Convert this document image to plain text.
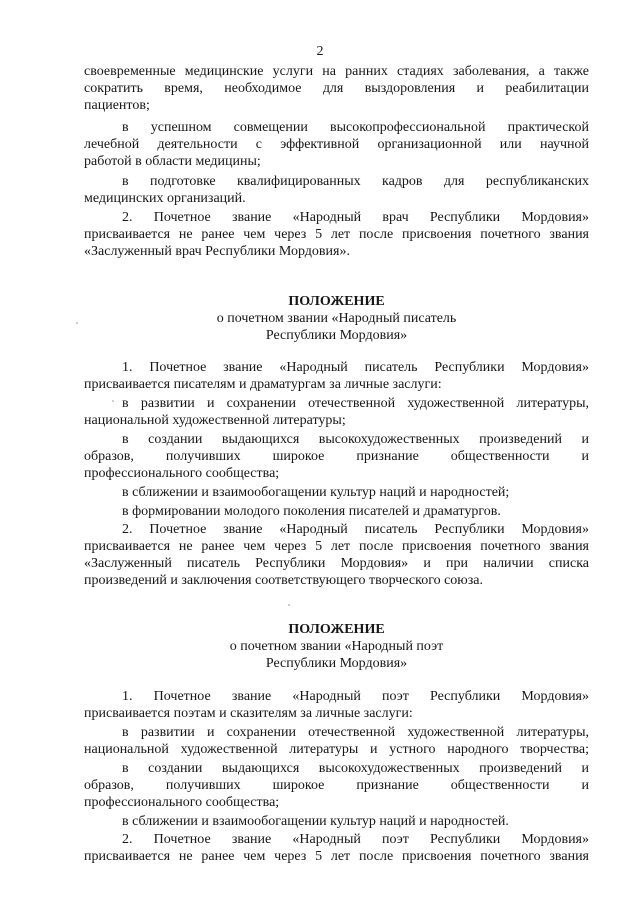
2
своевременные медицинские услуги на ранних стадиях заболевания, а также
сократить время, необходимое для выздоровления и реабилитации
пациентов;
в успешном совмещении высокопрофессиональной практической
лечебной деятельности с эффективной организационной или научной
работой в области медицины;
в подготовке квалифицированных кадров для республиканских
медицинских организаций.
2. Почетное звание «Народный врач Республики Мордовия»
присваивается не ранее чем через 5 лет после присвоения почетного звания
«Заслуженный врач Республики Мордовия».
ПОЛОЖЕНИЕ
о почетном звании «Народный писатель
Республики Мордовия»
1. Почетное звание «Народный писатель Республики Мордовия»
присваивается писателям и драматургам за личные заслуги:
в развитии и сохранении отечественной художественной литературы,
национальной художественной литературы;
в создании выдающихся высокохудожественных произведений и
образов, получивших широкое признание общественности и
профессионального сообщества;
в сближении и взаимообогащении культур наций и народностей;
в формировании молодого поколения писателей и драматургов.
2. Почетное звание «Народный писатель Республики Мордовия»
присваивается не ранее чем через 5 лет после присвоения почетного звания
«Заслуженный писатель Республики Мордовия» и при наличии списка
произведений и заключения соответствующего творческого союза.
ПОЛОЖЕНИЕ
о почетном звании «Народный поэт
Республики Мордовия»
1. Почетное звание «Народный поэт Республики Мордовия»
присваивается поэтам и сказителям за личные заслуги:
в развитии и сохранении отечественной художественной литературы,
национальной художественной литературы и устного народного творчества;
в создании выдающихся высокохудожественных произведений и
образов, получивших широкое признание общественности и
профессионального сообщества;
в сближении и взаимообогащении культур наций и народностей.
2. Почетное звание «Народный поэт Республики Мордовия»
присваивается не ранее чем через 5 лет после присвоения почетного звания
